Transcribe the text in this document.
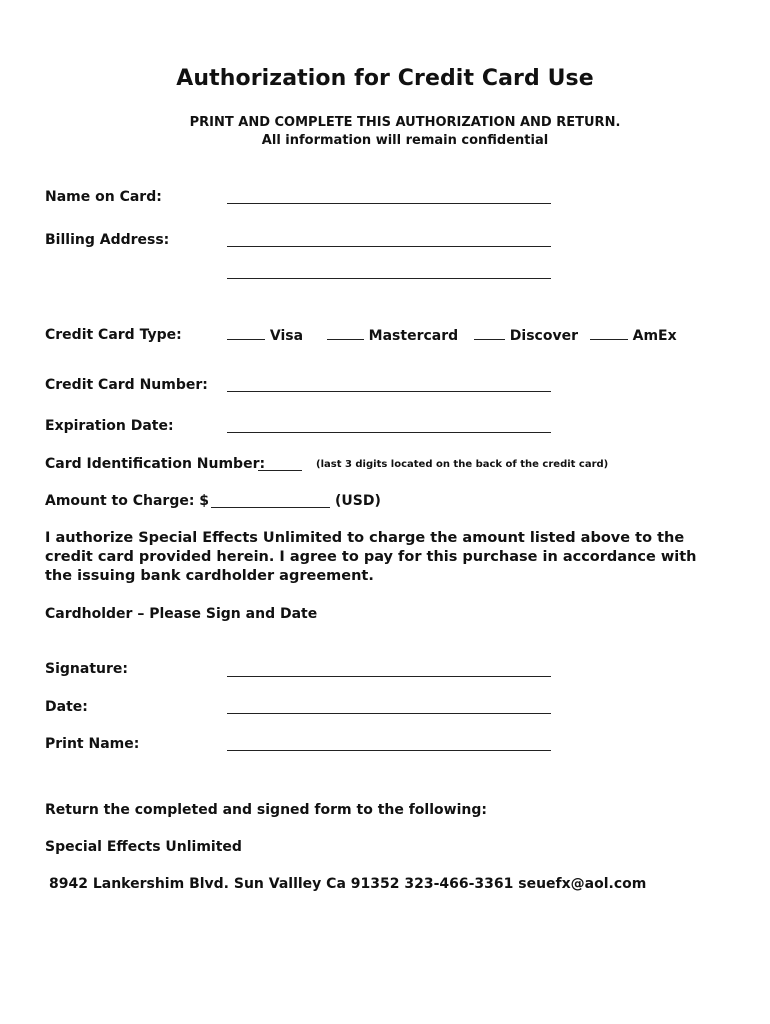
Authorization for Credit Card Use
PRINT AND COMPLETE THIS AUTHORIZATION AND RETURN.
All information will remain confidential
Name on Card:
Billing Address:
Credit Card Type:	Visa	Mastercard	Discover	AmEx
Credit Card Number:
Expiration Date:
Card Identification Number:	(last 3 digits located on the back of the credit card)
Amount to Charge: $	(USD)
I authorize Special Effects Unlimited to charge the amount listed above to the credit card provided herein. I agree to pay for this purchase in accordance with the issuing bank cardholder agreement.
Cardholder – Please Sign and Date
Signature:
Date:
Print Name:
Return the completed and signed form to the following:
Special Effects Unlimited
8942 Lankershim Blvd. Sun Vallley Ca 91352 323-466-3361 seuefx@aol.com
